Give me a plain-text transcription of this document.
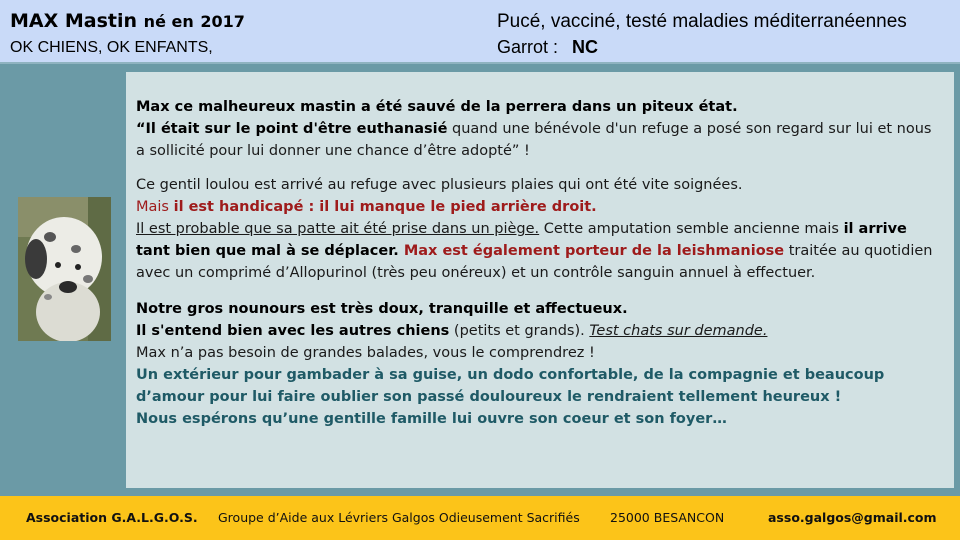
MAX Mastin né en 2017
OK CHIENS, OK ENFANTS,
Pucé, vacciné, testé maladies méditerranéennes
Garrot : NC

Max ce malheureux mastin a été sauvé de la perrera dans un piteux état.
“Il était sur le point d'être euthanasié quand une bénévole d'un refuge a posé son regard sur lui et nous a sollicité pour lui donner une chance d’être adopté” !

Ce gentil loulou est arrivé au refuge avec plusieurs plaies qui ont été vite soignées.
Mais il est handicapé : il lui manque le pied arrière droit.
Il est probable que sa patte ait été prise dans un piège. Cette amputation semble ancienne mais il arrive tant bien que mal à se déplacer. Max est également porteur de la leishmaniose traitée au quotidien avec un comprimé d’Allopurinol (très peu onéreux) et un contrôle sanguin annuel à effectuer.

Notre gros nounours est très doux, tranquille et affectueux.
Il s'entend bien avec les autres chiens (petits et grands). Test chats sur demande.
Max n’a pas besoin de grandes balades, vous le comprendrez !

Un extérieur pour gambader à sa guise, un dodo confortable, de la compagnie et beaucoup d’amour pour lui faire oublier son passé douloureux le rendraient tellement heureux !

Nous espérons qu’une gentille famille lui ouvre son coeur et son foyer…

Association G.A.L.G.O.S. Groupe d’Aide aux Lévriers Galgos Odieusement Sacrifiés 25000 BESANCON	asso.galgos@gmail.com
